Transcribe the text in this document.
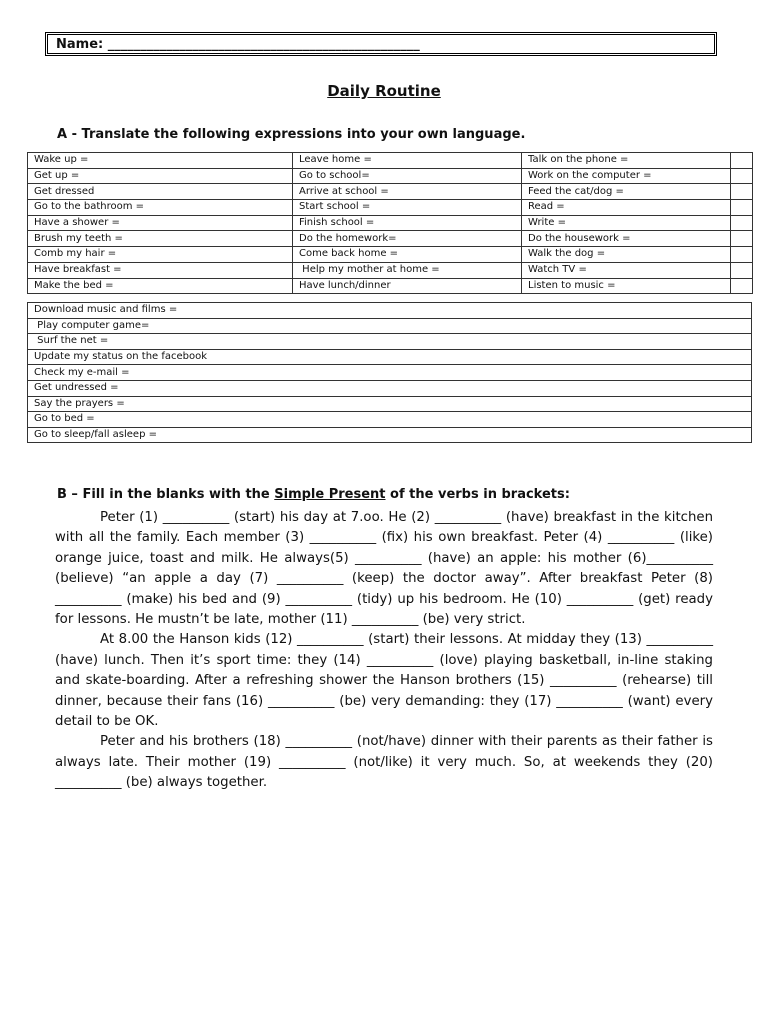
Name: ________________________________________________
Daily Routine
A - Translate the following expressions into your own language.
Wake up =	Leave home =	Talk on the phone =	
Get up =	Go to school=	Work on the computer =	
Get dressed	Arrive at school =	Feed the cat/dog =	
Go to the bathroom =	Start school =	Read =	
Have a shower =	Finish school =	Write =	
Brush my teeth =	Do the homework=	Do the housework =	
Comb my hair =	Come back home =	Walk the dog =	
Have breakfast =	Help my mother at home =	Watch TV =	
Make the bed =	Have lunch/dinner	Listen to music =	
Download music and films =
Play computer game=
Surf the net =
Update my status on the facebook
Check my e-mail =
Get undressed =
Say the prayers =
Go to bed =
Go to sleep/fall asleep =
B – Fill in the blanks with the Simple Present of the verbs in brackets:

Peter (1) __________ (start) his day at 7.oo. He (2) __________ (have) breakfast in the kitchen with all the family. Each member (3) __________ (fix) his own breakfast. Peter (4) __________ (like) orange juice, toast and milk. He always(5) __________ (have) an apple: his mother (6)__________ (believe) “an apple a day (7) __________ (keep) the doctor away”. After breakfast Peter (8) __________ (make) his bed and (9) __________ (tidy) up his bedroom. He (10) __________ (get) ready for lessons. He mustn’t be late, mother (11) __________ (be) very strict.

At 8.00 the Hanson kids (12) __________ (start) their lessons. At midday they (13) __________ (have) lunch. Then it’s sport time: they (14) __________ (love) playing basketball, in-line staking and skate-boarding. After a refreshing shower the Hanson brothers (15) __________ (rehearse) till dinner, because their fans (16) __________ (be) very demanding: they (17) __________ (want) every detail to be OK.

Peter and his brothers (18) __________ (not/have) dinner with their parents as their father is always late. Their mother (19) __________ (not/like) it very much. So, at weekends they (20) __________ (be) always together.
